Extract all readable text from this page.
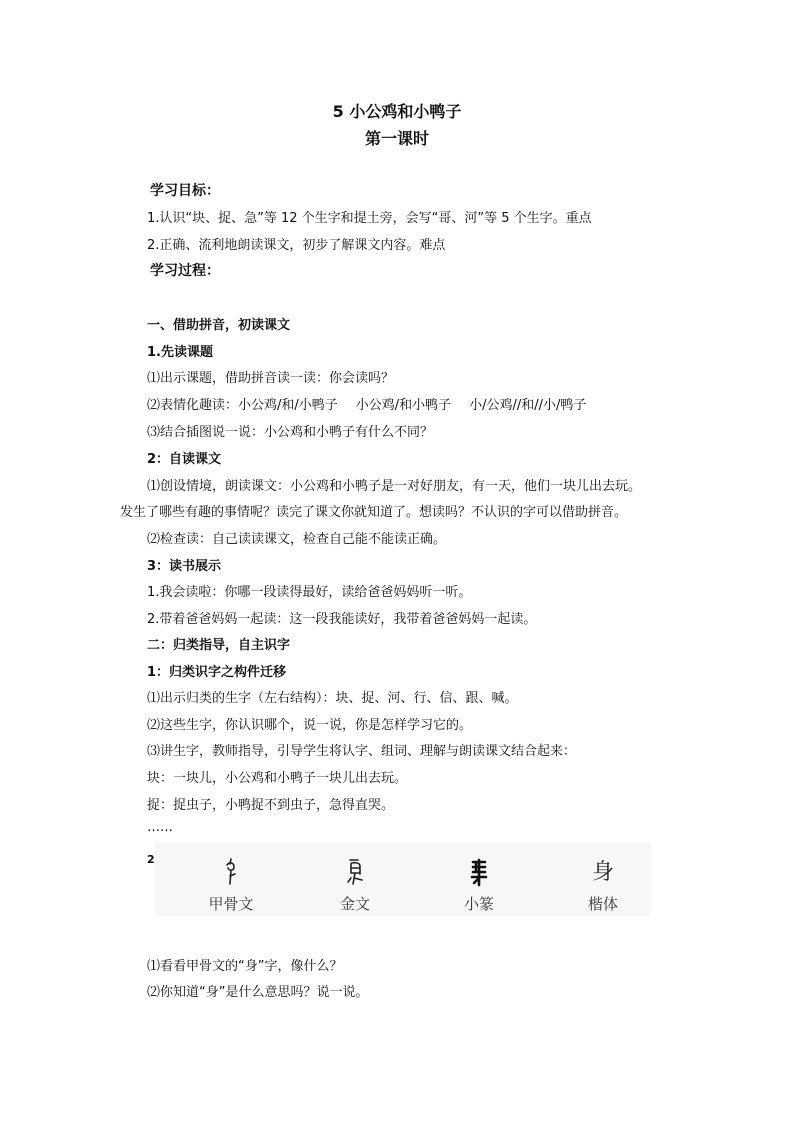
5 小公鸡和小鸭子
第一课时
学习目标：
1.认识“块、捉、急”等 12 个生字和提土旁，会写“哥、河”等 5 个生字。重点
2.正确、流利地朗读课文，初步了解课文内容。难点
学习过程：
一、借助拼音，初读课文
1.先读课题
⑴出示课题，借助拼音读一读：你会读吗？
⑵表情化趣读：小公鸡/和/小鸭子 小公鸡/和小鸭子 小/公鸡//和//小/鸭子
⑶结合插图说一说：小公鸡和小鸭子有什么不同？
2：自读课文
⑴创设情境，朗读课文：小公鸡和小鸭子是一对好朋友，有一天，他们一块儿出去玩。
发生了哪些有趣的事情呢？读完了课文你就知道了。想读吗？不认识的字可以借助拼音。
⑵检查读：自己读读课文，检查自己能不能读正确。
3：读书展示
1.我会读啦：你哪一段读得最好，读给爸爸妈妈听一听。
2.带着爸爸妈妈一起读：这一段我能读好，我带着爸爸妈妈一起读。
二：归类指导，自主识字
1：归类识字之构件迁移
⑴出示归类的生字（左右结构）：块、捉、河、行、信、跟、喊。
⑵这些生字，你认识哪个，说一说，你是怎样学习它的。
⑶讲生字，教师指导，引导学生将认字、组词、理解与朗读课文结合起来：
块：一块儿，小公鸡和小鸭子一块儿出去玩。
捉：捉虫子，小鸭捉不到虫子，急得直哭。
……
2
甲骨文	金文	小篆
身
楷体
⑴看看甲骨文的“身”字，像什么？
⑵你知道“身”是什么意思吗？说一说。
